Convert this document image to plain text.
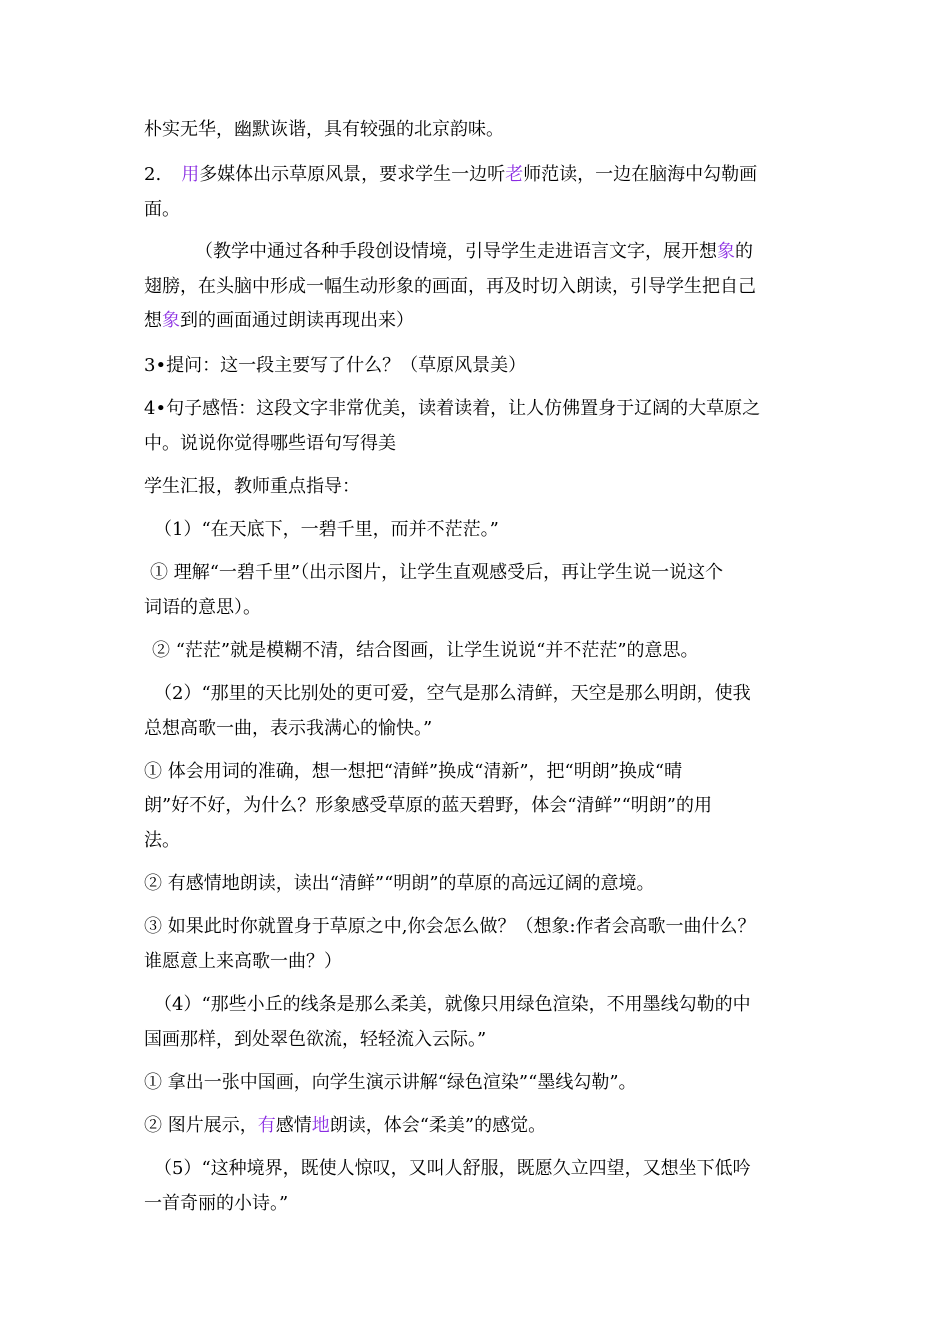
朴实无华，幽默诙谐，具有较强的北京韵味。
2. 用多媒体出示草原风景，要求学生一边听老师范读，一边在脑海中勾勒画
面。
（教学中通过各种手段创设情境，引导学生走进语言文字，展开想象的
翅膀，在头脑中形成一幅生动形象的画面，再及时切入朗读，引导学生把自己
想象到的画面通过朗读再现出来）
3•提问：这一段主要写了什么？（草原风景美）
4•句子感悟：这段文字非常优美，读着读着，让人仿佛置身于辽阔的大草原之
中。说说你觉得哪些语句写得美
学生汇报，教师重点指导：
（1）“在天底下，一碧千里，而并不茫茫。”
① 理解“一碧千里”（出示图片，让学生直观感受后，再让学生说一说这个
词语的意思）。
② “茫茫”就是模糊不清，结合图画，让学生说说“并不茫茫”的意思。
（2）“那里的天比别处的更可爱，空气是那么清鲜，天空是那么明朗，使我
总想高歌一曲，表示我满心的愉快。”
① 体会用词的准确，想一想把“清鲜”换成“清新”，把“明朗”换成“晴
朗”好不好，为什么？形象感受草原的蓝天碧野，体会“清鲜”“明朗”的用
法。
② 有感情地朗读，读出“清鲜”“明朗”的草原的高远辽阔的意境。
③ 如果此时你就置身于草原之中,你会怎么做？（想象:作者会高歌一曲什么？
谁愿意上来高歌一曲？）
（4）“那些小丘的线条是那么柔美，就像只用绿色渲染，不用墨线勾勒的中
国画那样，到处翠色欲流，轻轻流入云际。”
① 拿出一张中国画，向学生演示讲解“绿色渲染”“墨线勾勒”。
② 图片展示，有感情地朗读，体会“柔美”的感觉。
（5）“这种境界，既使人惊叹，又叫人舒服，既愿久立四望，又想坐下低吟
一首奇丽的小诗。”
